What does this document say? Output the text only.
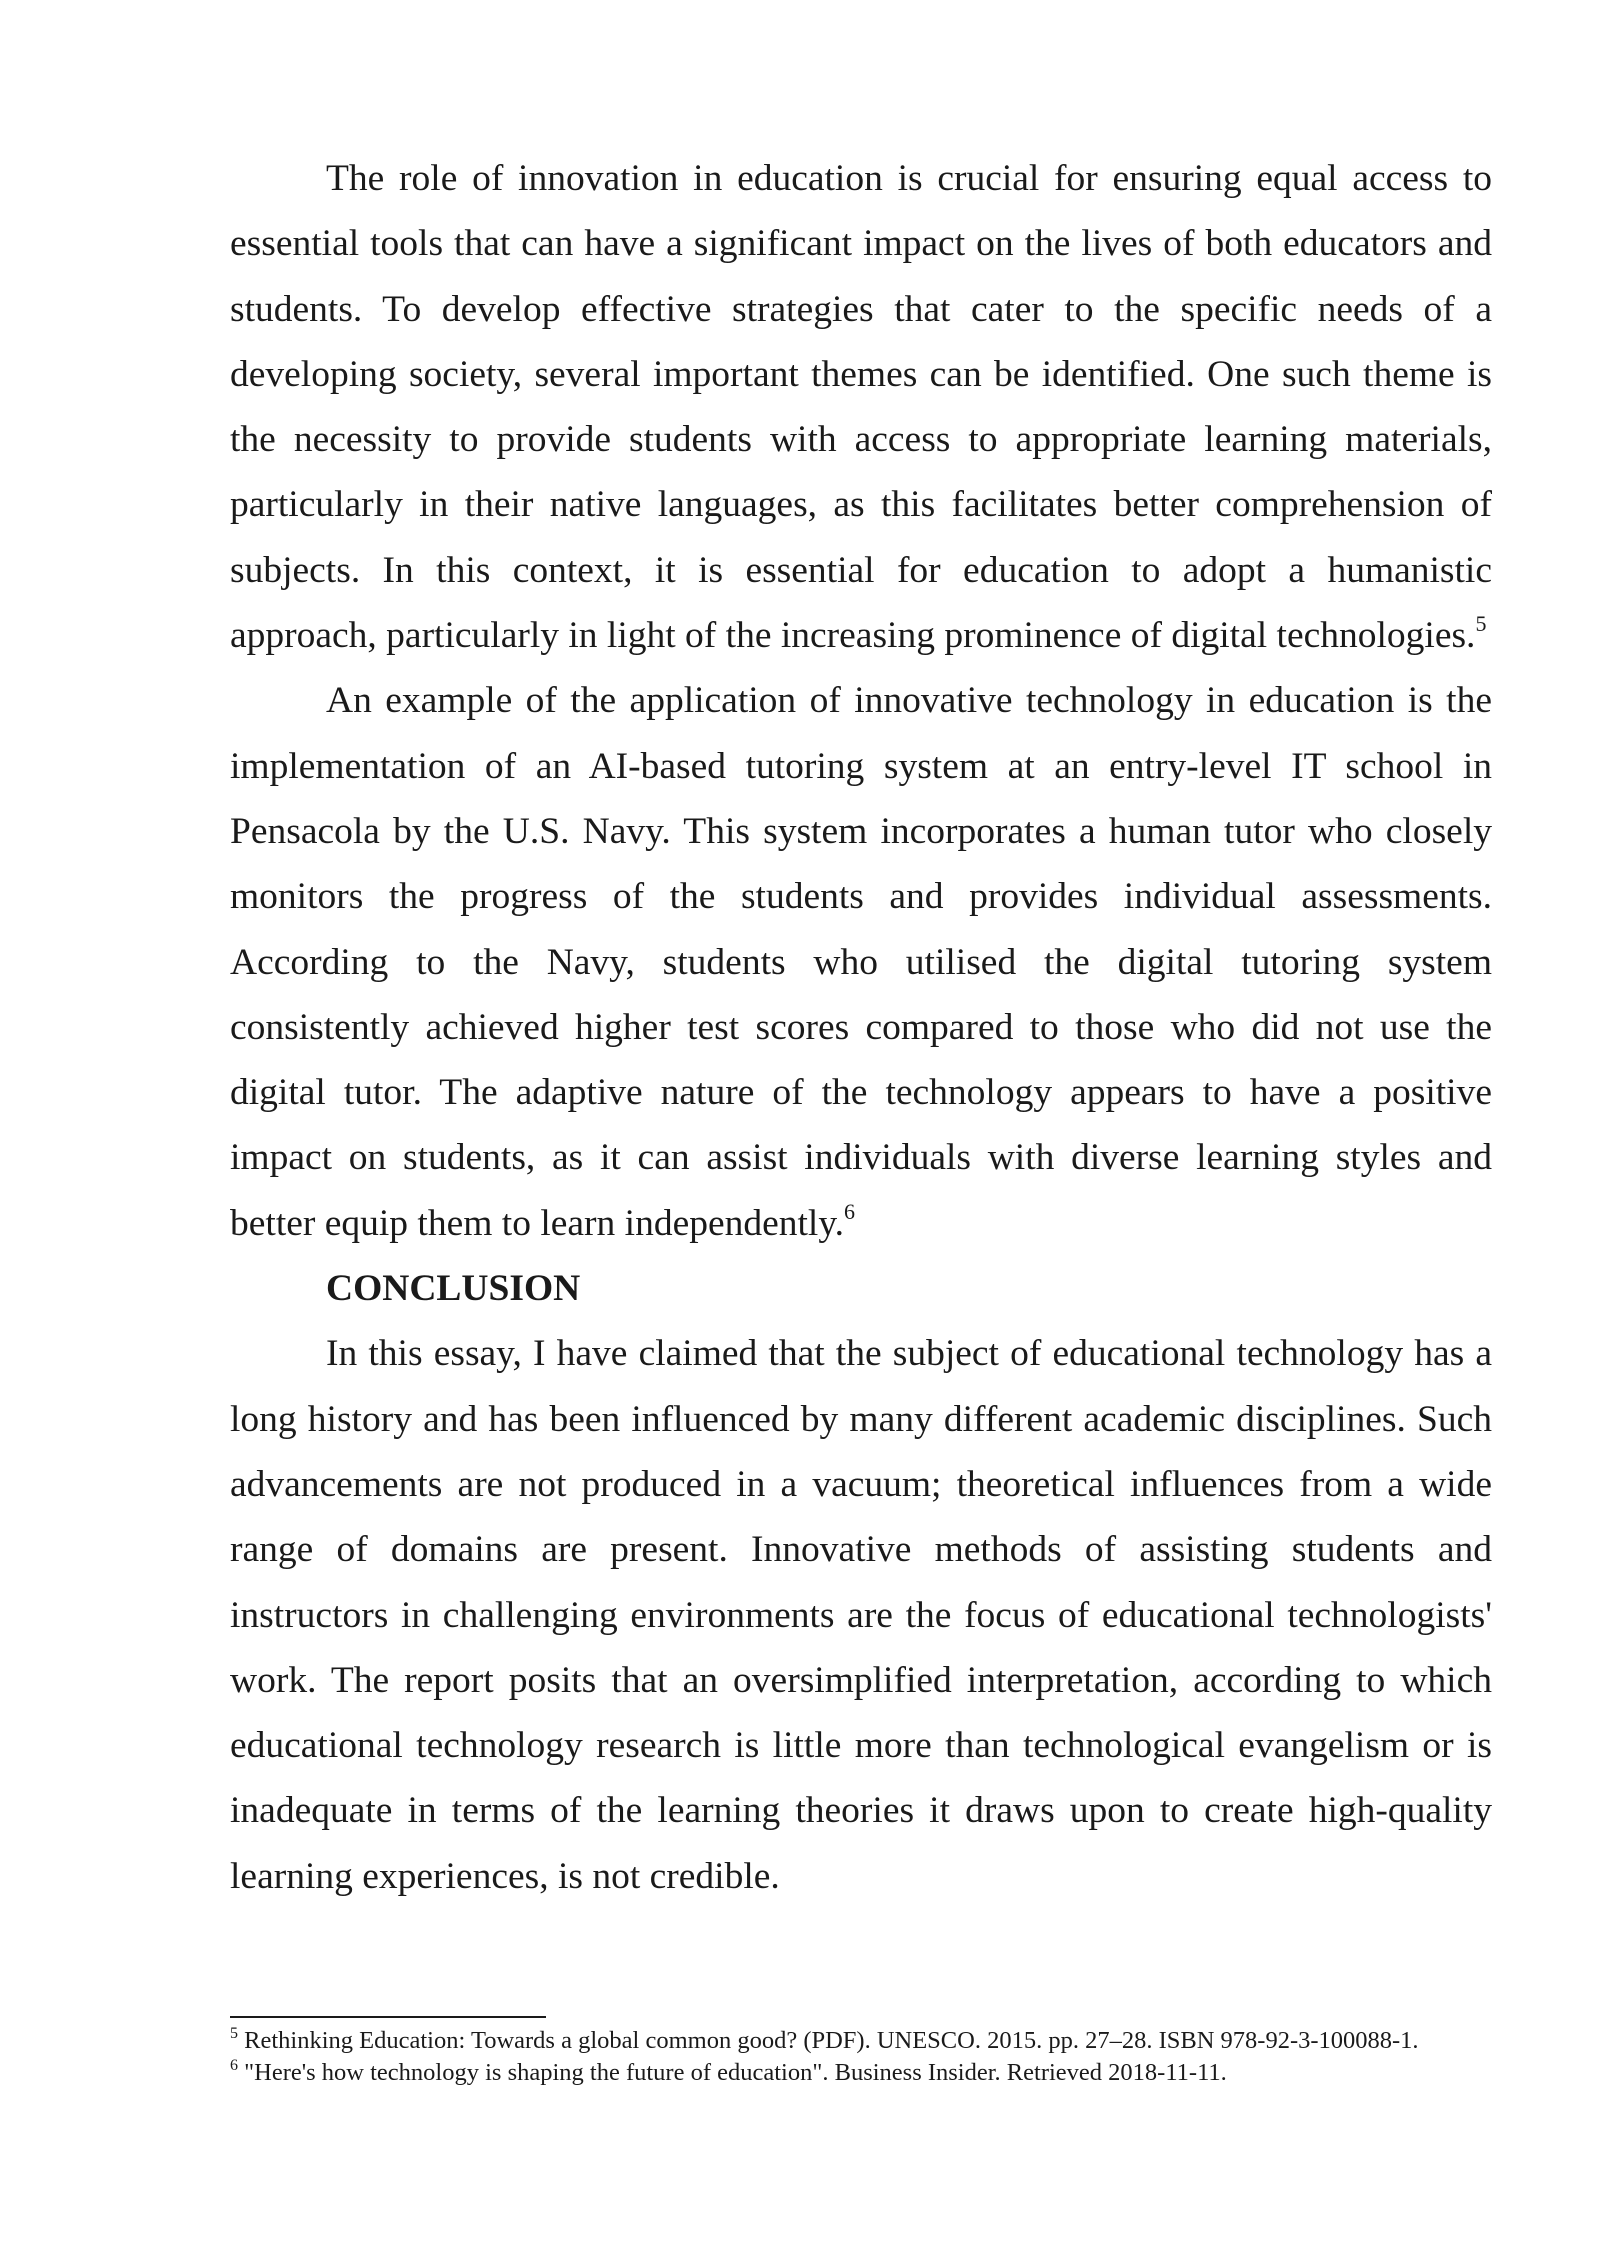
The role of innovation in education is crucial for ensuring equal access to essential tools that can have a significant impact on the lives of both educators and students. To develop effective strategies that cater to the specific needs of a developing society, several important themes can be identified. One such theme is the necessity to provide students with access to appropriate learning materials, particularly in their native languages, as this facilitates better comprehension of subjects. In this context, it is essential for education to adopt a humanistic approach, particularly in light of the increasing prominence of digital technologies.$^5$

An example of the application of innovative technology in education is the implementation of an AI-based tutoring system at an entry-level IT school in Pensacola by the U.S. Navy. This system incorporates a human tutor who closely monitors the progress of the students and provides individual assessments. According to the Navy, students who utilised the digital tutoring system consistently achieved higher test scores compared to those who did not use the digital tutor. The adaptive nature of the technology appears to have a positive impact on students, as it can assist individuals with diverse learning styles and better equip them to learn independently.$^6$

CONCLUSION

In this essay, I have claimed that the subject of educational technology has a long history and has been influenced by many different academic disciplines. Such advancements are not produced in a vacuum; theoretical influences from a wide range of domains are present. Innovative methods of assisting students and instructors in challenging environments are the focus of educational technologists' work. The report posits that an oversimplified interpretation, according to which educational technology research is little more than technological evangelism or is inadequate in terms of the learning theories it draws upon to create high-quality learning experiences, is not credible.

$^5$ Rethinking Education: Towards a global common good? (PDF). UNESCO. 2015. pp. 27–28. ISBN 978-92-3-100088-1.

$^6$ "Here's how technology is shaping the future of education". Business Insider. Retrieved 2018-11-11.
